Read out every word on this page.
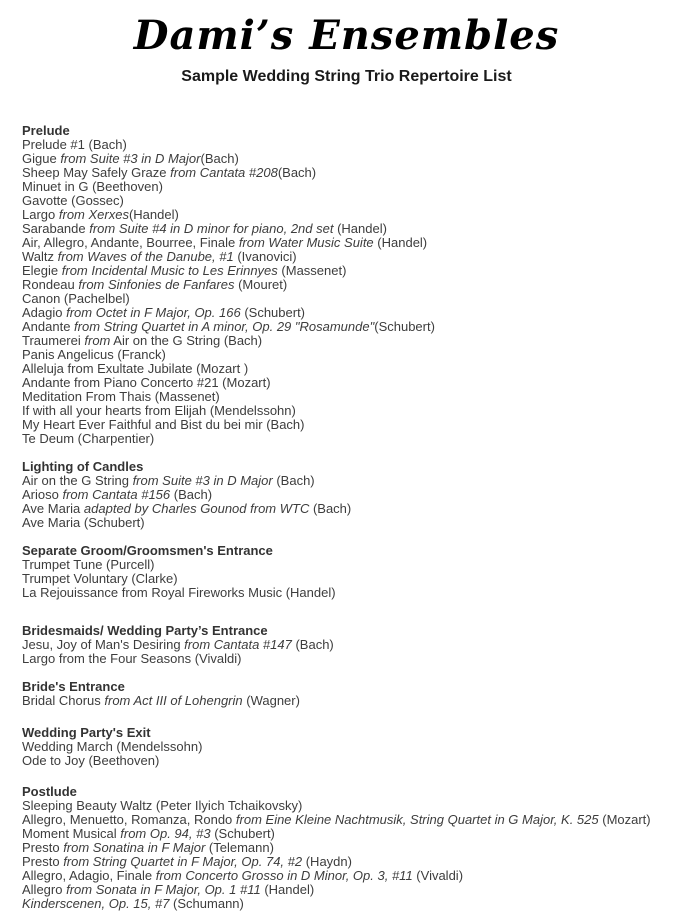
Dami’s Ensembles
Sample Wedding String Trio Repertoire List
Prelude

Prelude #1 (Bach)

Gigue from Suite #3 in D Major(Bach)

Sheep May Safely Graze from Cantata #208(Bach)

Minuet in G (Beethoven)

Gavotte (Gossec)

Largo from Xerxes(Handel)

Sarabande from Suite #4 in D minor for piano, 2nd set (Handel)

Air, Allegro, Andante, Bourree, Finale from Water Music Suite (Handel)

Waltz from Waves of the Danube, #1 (Ivanovici)

Elegie from Incidental Music to Les Erinnyes (Massenet)

Rondeau from Sinfonies de Fanfares (Mouret)

Canon (Pachelbel)

Adagio from Octet in F Major, Op. 166 (Schubert)

Andante from String Quartet in A minor, Op. 29 "Rosamunde"(Schubert)

Traumerei from Air on the G String (Bach)

Panis Angelicus (Franck)

Alleluja from Exultate Jubilate (Mozart )

Andante from Piano Concerto #21 (Mozart)

Meditation From Thais (Massenet)

If with all your hearts from Elijah (Mendelssohn)

My Heart Ever Faithful and Bist du bei mir (Bach)

Te Deum (Charpentier)

Lighting of Candles

Air on the G String from Suite #3 in D Major (Bach)

Arioso from Cantata #156 (Bach)

Ave Maria adapted by Charles Gounod from WTC (Bach)

Ave Maria (Schubert)

Separate Groom/Groomsmen's Entrance

Trumpet Tune (Purcell)

Trumpet Voluntary (Clarke)

La Rejouissance from Royal Fireworks Music (Handel)

Bridesmaids/ Wedding Party’s Entrance

Jesu, Joy of Man's Desiring from Cantata #147 (Bach)

Largo from the Four Seasons (Vivaldi)

Bride's Entrance

Bridal Chorus from Act III of Lohengrin (Wagner)

Wedding Party's Exit

Wedding March (Mendelssohn)

Ode to Joy (Beethoven)

Postlude

Sleeping Beauty Waltz (Peter Ilyich Tchaikovsky)

Allegro, Menuetto, Romanza, Rondo from Eine Kleine Nachtmusik, String Quartet in G Major, K. 525 (Mozart)

Moment Musical from Op. 94, #3 (Schubert)

Presto from Sonatina in F Major (Telemann)

Presto from String Quartet in F Major, Op. 74, #2 (Haydn)

Allegro, Adagio, Finale from Concerto Grosso in D Minor, Op. 3, #11 (Vivaldi)

Allegro from Sonata in F Major, Op. 1 #11 (Handel)

Kinderscenen, Op. 15, #7 (Schumann)
